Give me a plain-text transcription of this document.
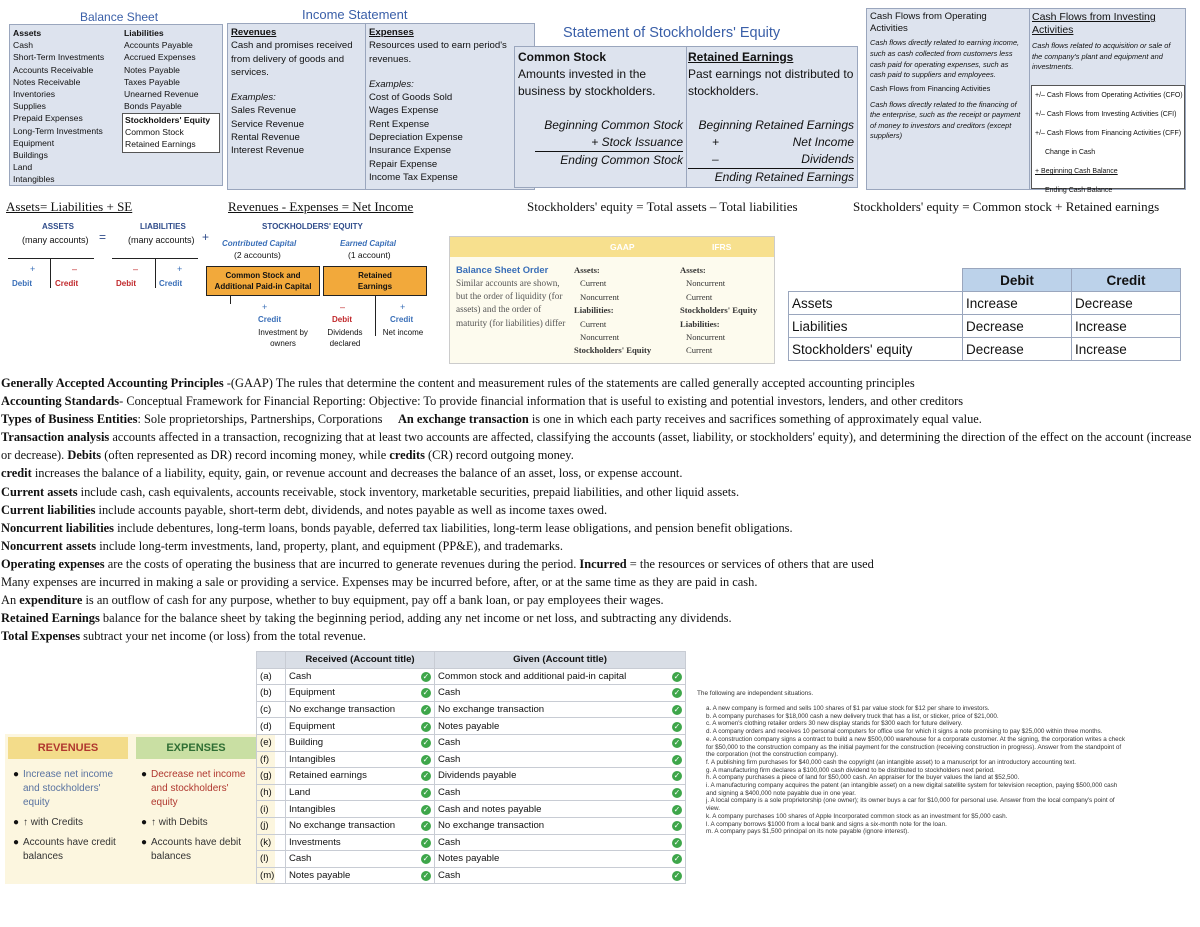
Balance Sheet
Assets
Cash
Short-Term Investments
Accounts Receivable
Notes Receivable
Inventories
Supplies
Prepaid Expenses
Long-Term Investments
Equipment
Buildings
Land
Intangibles
Liabilities
Accounts Payable
Accrued Expenses
Notes Payable
Taxes Payable
Unearned Revenue
Bonds Payable
Stockholders' Equity
Common Stock
Retained Earnings
Income Statement
Revenues
Cash and promises received from delivery of goods and services.
Examples:
Sales Revenue
Service Revenue
Rental Revenue
Interest Revenue
Expenses
Resources used to earn period's revenues.
Examples:
Cost of Goods Sold
Wages Expense
Rent Expense
Depreciation Expense
Insurance Expense
Repair Expense
Income Tax Expense
Statement of Stockholders' Equity
Common Stock
Amounts invested in the business by stockholders.
Beginning Common Stock
+ Stock Issuance
Ending Common Stock
Retained Earnings
Past earnings not distributed to stockholders.
Beginning Retained Earnings
+	Net Income
–	Dividends
Ending Retained Earnings
Cash Flows from Operating Activities
Cash flows directly related to earning income, such as cash collected from customers less cash paid for operating expenses, such as cash paid to suppliers and employees.
Cash Flows from Financing Activities
Cash flows directly related to the financing of the enterprise, such as the receipt or payment of money to investors and creditors (except suppliers)
Cash Flows from Investing Activities
Cash flows related to acquisition or sale of the company's plant and equipment and investments.
+/– Cash Flows from Operating Activities (CFO)
+/– Cash Flows from Investing Activities (CFI)
+/– Cash Flows from Financing Activities (CFF)
Change in Cash
+ Beginning Cash Balance
Ending Cash Balance
Assets= Liabilities + SE	Revenues - Expenses = Net Income	Stockholders' equity = Total assets – Total liabilities	Stockholders' equity = Common stock + Retained earnings
ASSETS
(many accounts) =
LIABILITIES
(many accounts) +
STOCKHOLDERS' EQUITY
Contributed Capital
(2 accounts)
Earned Capital
(1 account)
+	–
Debit	Credit
–	+
Debit	Credit
Common Stock and Additional Paid-in Capital
Retained Earnings
+
Credit
Investment by owners
–	+
Debit	Credit
Dividends declared
Net income
GAAP	IFRS
Balance Sheet Order
Similar accounts are shown, but the order of liquidity (for assets) and the order of maturity (for liabilities) differ
Assets:
Current
Noncurrent
Liabilities:
Current
Noncurrent
Stockholders' Equity
Assets:
Noncurrent
Current
Stockholders' Equity
Liabilities:
Noncurrent
Current
	Debit	Credit
Assets	Increase	Decrease
Liabilities	Decrease	Increase
Stockholders' equity	Decrease	Increase

Generally Accepted Accounting Principles -(GAAP) The rules that determine the content and measurement rules of the statements are called generally accepted accounting principles

Accounting Standards- Conceptual Framework for Financial Reporting: Objective: To provide financial information that is useful to existing and potential investors, lenders, and other creditors

Types of Business Entities: Sole proprietorships, Partnerships, Corporations     An exchange transaction is one in which each party receives and sacrifices something of approximately equal value.

Transaction analysis accounts affected in a transaction, recognizing that at least two accounts are affected, classifying the accounts (asset, liability, or stockholders' equity), and determining the direction of the effect on the account (increase or decrease). Debits (often represented as DR) record incoming money, while credits (CR) record outgoing money.

credit increases the balance of a liability, equity, gain, or revenue account and decreases the balance of an asset, loss, or expense account.

Current assets include cash, cash equivalents, accounts receivable, stock inventory, marketable securities, prepaid liabilities, and other liquid assets.

Current liabilities include accounts payable, short-term debt, dividends, and notes payable as well as income taxes owed.

Noncurrent liabilities include debentures, long-term loans, bonds payable, deferred tax liabilities, long-term lease obligations, and pension benefit obligations.

Noncurrent assets include long-term investments, land, property, plant, and equipment (PP&E), and trademarks.

Operating expenses are the costs of operating the business that are incurred to generate revenues during the period. Incurred = the resources or services of others that are used

Many expenses are incurred in making a sale or providing a service. Expenses may be incurred before, after, or at the same time as they are paid in cash.

An expenditure is an outflow of cash for any purpose, whether to buy equipment, pay off a bank loan, or pay employees their wages.

Retained Earnings balance for the balance sheet by taking the beginning period, adding any net income or net loss, and subtracting any dividends.

Total Expenses subtract your net income (or loss) from the total revenue.

REVENUES	EXPENSES
● Increase net income and stockholders' equity
● ↑ with Credits
● Accounts have credit balances
● Decrease net income and stockholders' equity
● ↑ with Debits
● Accounts have debit balances
	Received (Account title)	Given (Account title)
(a)	Cash ✓	Common stock and additional paid-in capital ✓

(b)	Equipment ✓	Cash ✓

(c)	No exchange transaction ✓	No exchange transaction ✓

(d)	Equipment ✓	Notes payable ✓

(e)	Building ✓	Cash ✓

(f)	Intangibles ✓	Cash ✓

(g)	Retained earnings ✓	Dividends payable ✓

(h)	Land ✓	Cash ✓

(i)	Intangibles ✓	Cash and notes payable ✓

(j)	No exchange transaction ✓	No exchange transaction ✓

(k)	Investments ✓	Cash ✓

(l)	Cash ✓	Notes payable ✓

(m)	Notes payable ✓	Cash ✓
The following are independent situations.
a. A new company is formed and sells 100 shares of $1 par value stock for $12 per share to investors.
b. A company purchases for $18,000 cash a new delivery truck that has a list, or sticker, price of $21,000.
c. A women's clothing retailer orders 30 new display stands for $300 each for future delivery.
d. A company orders and receives 10 personal computers for office use for which it signs a note promising to pay $25,000 within three months.
e. A construction company signs a contract to build a new $500,000 warehouse for a corporate customer. At the signing, the corporation writes a check for $50,000 to the construction company as the initial payment for the construction (receiving construction in progress). Answer from the standpoint of the corporation (not the construction company).
f. A publishing firm purchases for $40,000 cash the copyright (an intangible asset) to a manuscript for an introductory accounting text.
g. A manufacturing firm declares a $100,000 cash dividend to be distributed to stockholders next period.
h. A company purchases a piece of land for $50,000 cash. An appraiser for the buyer values the land at $52,500.
i. A manufacturing company acquires the patent (an intangible asset) on a new digital satellite system for television reception, paying $500,000 cash and signing a $400,000 note payable due in one year.
j. A local company is a sole proprietorship (one owner); its owner buys a car for $10,000 for personal use. Answer from the local company's point of view.
k. A company purchases 100 shares of Apple Incorporated common stock as an investment for $5,000 cash.
l. A company borrows $1000 from a local bank and signs a six-month note for the loan.
m. A company pays $1,500 principal on its note payable (ignore interest).
